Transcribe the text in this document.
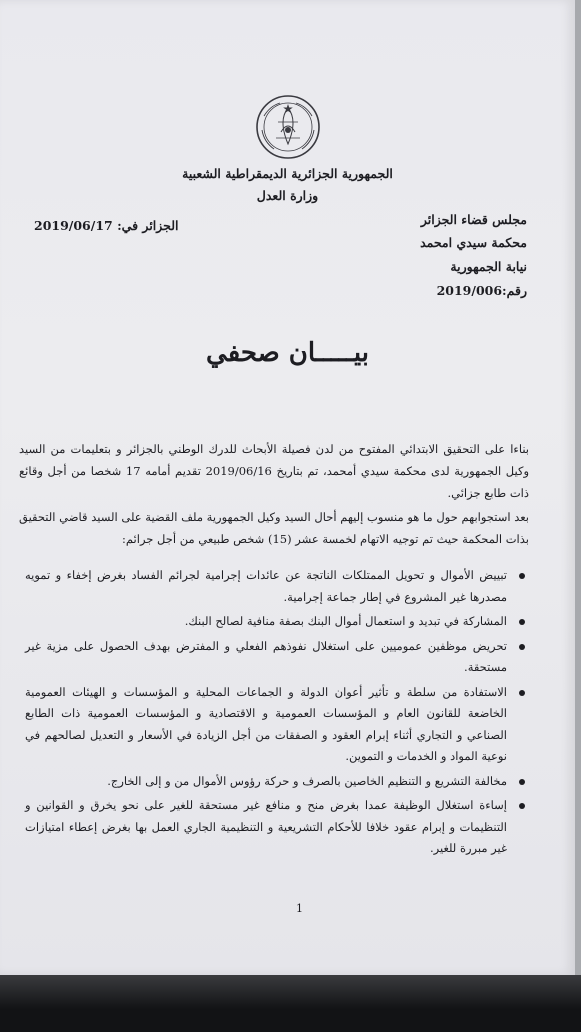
الجمهورية الجزائرية الديمقراطية الشعبية
وزارة العدل
مجلس قضاء الجزائر
محكمة سيدي امحمد
نيابة الجمهورية
رقم:2019/006
الجزائر في: 2019/06/17
بيـــــان صحفي

بناءا على التحقيق الابتدائي المفتوح من لدن فصيلة الأبحاث للدرك الوطني بالجزائر و بتعليمات من السيد وكيل الجمهورية لدى محكمة سيدي أمحمد، تم بتاريخ 2019/06/16 تقديم أمامه 17 شخصا من أجل وقائع ذات طابع جزائي.

بعد استجوابهم حول ما هو منسوب إليهم أحال السيد وكيل الجمهورية ملف القضية على السيد قاضي التحقيق بذات المحكمة حيث تم توجيه الاتهام لخمسة عشر (15) شخص طبيعي من أجل جرائم:

تبييض الأموال و تحويل الممتلكات الناتجة عن عائدات إجرامية لجرائم الفساد بغرض إخفاء و تمويه مصدرها غير المشروع في إطار جماعة إجرامية.
المشاركة في تبديد و استعمال أموال البنك بصفة منافية لصالح البنك.
تحريض موظفين عموميين على استغلال نفوذهم الفعلي و المفترض بهدف الحصول على مزية غير مستحقة.
الاستفادة من سلطة و تأثير أعوان الدولة و الجماعات المحلية و المؤسسات و الهيئات العمومية الخاضعة للقانون العام و المؤسسات العمومية و الاقتصادية و المؤسسات العمومية ذات الطابع الصناعي و التجاري أثناء إبرام العقود و الصفقات من أجل الزيادة في الأسعار و التعديل لصالحهم في نوعية المواد و الخدمات و التموين.
مخالفة التشريع و التنظيم الخاصين بالصرف و حركة رؤوس الأموال من و إلى الخارج.
إساءة استغلال الوظيفة عمدا بغرض منح و منافع غير مستحقة للغير على نحو يخرق و القوانين و التنظيمات و إبرام عقود خلافا للأحكام التشريعية و التنظيمية الجاري العمل بها بغرض إعطاء امتيازات غير مبررة للغير.
1
